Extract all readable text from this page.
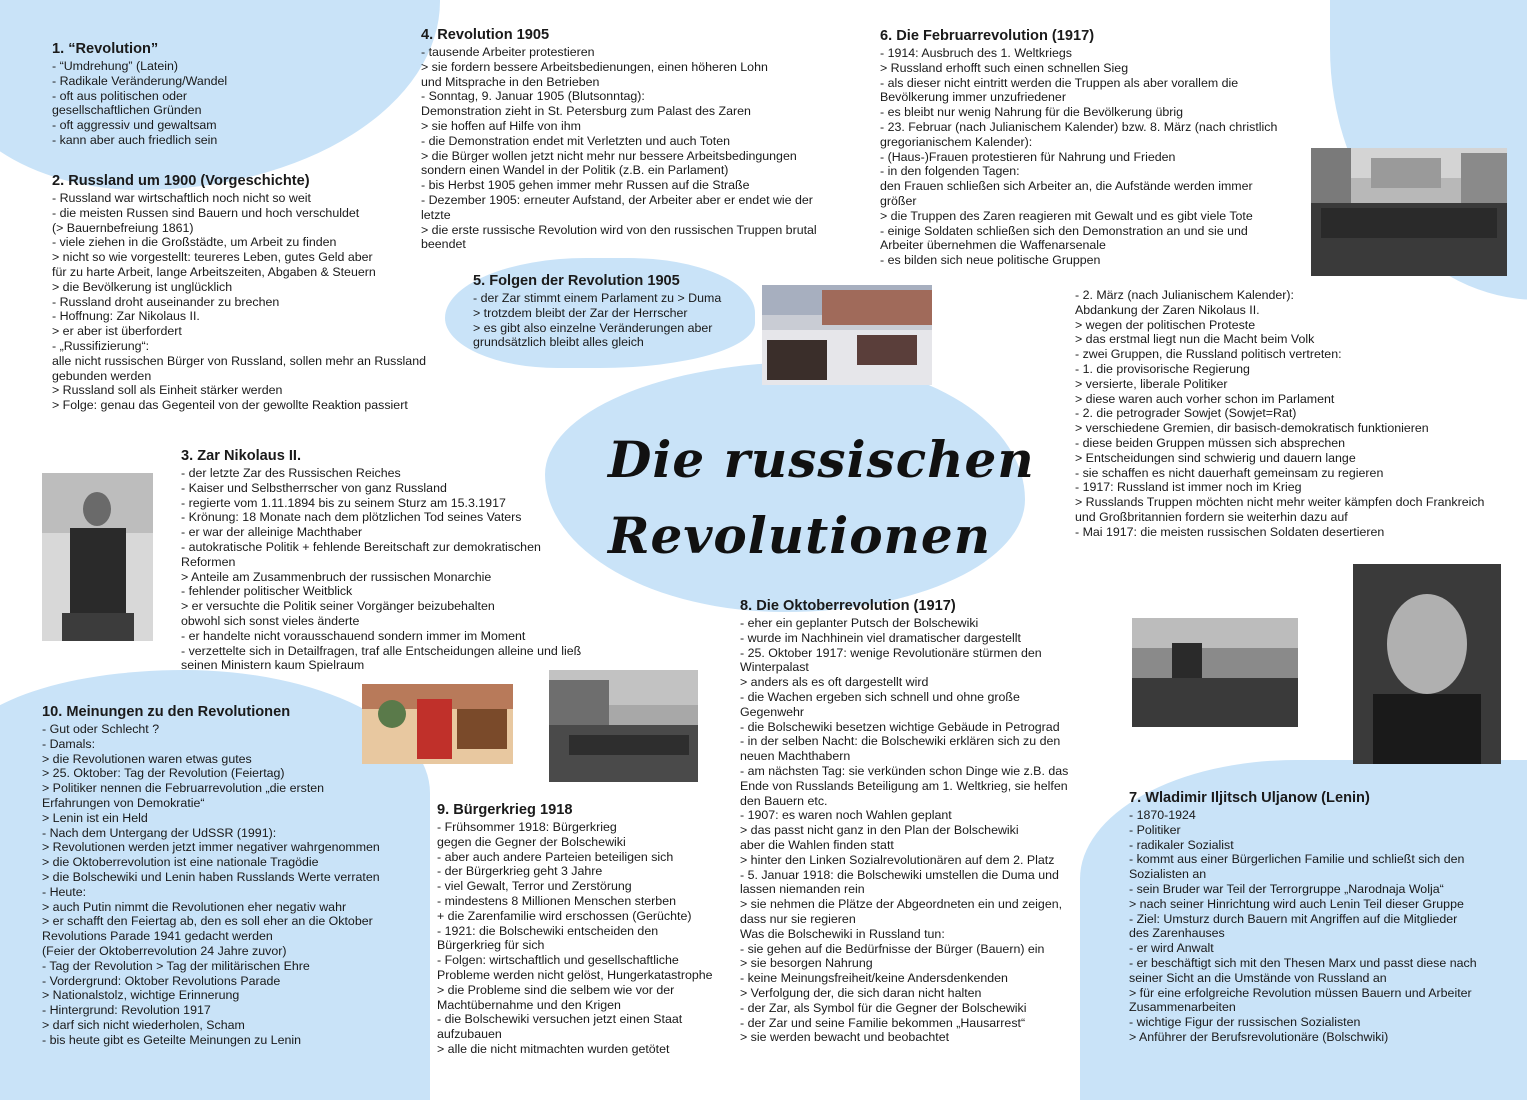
Die russischen
Revolutionen
1. “Revolution”
- “Umdrehung” (Latein)
- Radikale Veränderung/Wandel
- oft aus politischen oder
gesellschaftlichen Gründen
- oft aggressiv und gewaltsam
- kann aber auch friedlich sein
2. Russland um 1900 (Vorgeschichte)
- Russland war wirtschaftlich noch nicht so weit
- die meisten Russen sind Bauern und hoch verschuldet
(> Bauernbefreiung 1861)
- viele ziehen in die Großstädte, um Arbeit zu finden
> nicht so wie vorgestellt: teureres Leben, gutes Geld aber
für zu harte Arbeit, lange Arbeitszeiten, Abgaben & Steuern
> die Bevölkerung ist unglücklich
- Russland droht auseinander zu brechen
- Hoffnung: Zar Nikolaus II.
> er aber ist überfordert
- „Russifizierung“:
alle nicht russischen Bürger von Russland, sollen mehr an Russland
gebunden werden
> Russland soll als Einheit stärker werden
> Folge: genau das Gegenteil von der gewollte Reaktion passiert
3. Zar Nikolaus II.
- der letzte Zar des Russischen Reiches
- Kaiser und Selbstherrscher von ganz Russland
- regierte vom 1.11.1894 bis zu seinem Sturz am 15.3.1917
- Krönung: 18 Monate nach dem plötzlichen Tod seines Vaters
- er war der alleinige Machthaber
- autokratische Politik + fehlende Bereitschaft zur demokratischen
Reformen
> Anteile am Zusammenbruch der russischen Monarchie
- fehlender politischer Weitblick
> er versuchte die Politik seiner Vorgänger beizubehalten
obwohl sich sonst vieles änderte
- er handelte nicht vorausschauend sondern immer im Moment
- verzettelte sich in Detailfragen, traf alle Entscheidungen alleine und ließ
seinen Ministern kaum Spielraum
4. Revolution 1905
- tausende Arbeiter protestieren
> sie fordern bessere Arbeitsbedienungen, einen höheren Lohn
und Mitsprache in den Betrieben
- Sonntag, 9. Januar 1905 (Blutsonntag):
Demonstration zieht in St. Petersburg zum Palast des Zaren
> sie hoffen auf Hilfe von ihm
- die Demonstration endet mit Verletzten und auch Toten
> die Bürger wollen jetzt nicht mehr nur bessere Arbeitsbedingungen
sondern einen Wandel in der Politik (z.B. ein Parlament)
- bis Herbst 1905 gehen immer mehr Russen auf die Straße
- Dezember 1905: erneuter Aufstand, der Arbeiter aber er endet wie der
letzte
> die erste russische Revolution wird von den russischen Truppen brutal
beendet
5. Folgen der Revolution 1905
- der Zar stimmt einem Parlament zu > Duma
> trotzdem bleibt der Zar der Herrscher
> es gibt also einzelne Veränderungen aber
grundsätzlich bleibt alles gleich
6. Die Februarrevolution (1917)
- 1914: Ausbruch des 1. Weltkriegs
> Russland erhofft such einen schnellen Sieg
- als dieser nicht eintritt werden die Truppen als aber vorallem die
Bevölkerung immer unzufriedener
- es bleibt nur wenig Nahrung für die Bevölkerung übrig
- 23. Februar (nach Julianischem Kalender) bzw. 8. März (nach christlich
gregorianischem Kalender):
- (Haus-)Frauen protestieren für Nahrung und Frieden
- in den folgenden Tagen:
den Frauen schließen sich Arbeiter an, die Aufstände werden immer
größer
> die Truppen des Zaren reagieren mit Gewalt und es gibt viele Tote
- einige Soldaten schließen sich den Demonstration an und sie und
Arbeiter übernehmen die Waffenarsenale
- es bilden sich neue politische Gruppen
- 2. März (nach Julianischem Kalender):
Abdankung der Zaren Nikolaus II.
> wegen der politischen Proteste
> das erstmal liegt nun die Macht beim Volk
- zwei Gruppen, die Russland politisch vertreten:
- 1. die provisorische Regierung
> versierte, liberale Politiker
> diese waren auch vorher schon im Parlament
- 2. die petrograder Sowjet (Sowjet=Rat)
> verschiedene Gremien, dir basisch-demokratisch funktionieren
- diese beiden Gruppen müssen sich absprechen
> Entscheidungen sind schwierig und dauern lange
- sie schaffen es nicht dauerhaft gemeinsam zu regieren
- 1917: Russland ist immer noch im Krieg
> Russlands Truppen möchten nicht mehr weiter kämpfen doch Frankreich
und Großbritannien fordern sie weiterhin dazu auf
- Mai 1917: die meisten russischen Soldaten desertieren
7. Wladimir Iljitsch Uljanow (Lenin)
- 1870-1924
- Politiker
- radikaler Sozialist
- kommt aus einer Bürgerlichen Familie und schließt sich den
Sozialisten an
- sein Bruder war Teil der Terrorgruppe „Narodnaja Wolja“
> nach seiner Hinrichtung wird auch Lenin Teil dieser Gruppe
- Ziel: Umsturz durch Bauern mit Angriffen auf die Mitglieder
des Zarenhauses
- er wird Anwalt
- er beschäftigt sich mit den Thesen Marx und passt diese nach
seiner Sicht an die Umstände von Russland an
> für eine erfolgreiche Revolution müssen Bauern und Arbeiter
Zusammenarbeiten
- wichtige Figur der russischen Sozialisten
> Anführer der Berufsrevolutionäre (Bolschwiki)
8. Die Oktoberrevolution (1917)
- eher ein geplanter Putsch der Bolschewiki
- wurde im Nachhinein viel dramatischer dargestellt
- 25. Oktober 1917: wenige Revolutionäre stürmen den
Winterpalast
> anders als es oft dargestellt wird
- die Wachen ergeben sich schnell und ohne große
Gegenwehr
- die Bolschewiki besetzen wichtige Gebäude in Petrograd
- in der selben Nacht: die Bolschewiki erklären sich zu den
neuen Machthabern
- am nächsten Tag: sie verkünden schon Dinge wie z.B. das
Ende von Russlands Beteiligung am 1. Weltkrieg, sie helfen
den Bauern etc.
- 1907: es waren noch Wahlen geplant
> das passt nicht ganz in den Plan der Bolschewiki
aber die Wahlen finden statt
> hinter den Linken Sozialrevolutionären auf dem 2. Platz
- 5. Januar 1918: die Bolschewiki umstellen die Duma und
lassen niemanden rein
> sie nehmen die Plätze der Abgeordneten ein und zeigen,
dass nur sie regieren
Was die Bolschewiki in Russland tun:
- sie gehen auf die Bedürfnisse der Bürger (Bauern) ein
> sie besorgen Nahrung
- keine Meinungsfreiheit/keine Andersdenkenden
> Verfolgung der, die sich daran nicht halten
- der Zar, als Symbol für die Gegner der Bolschewiki
- der Zar und seine Familie bekommen „Hausarrest“
> sie werden bewacht und beobachtet
9. Bürgerkrieg 1918
- Frühsommer 1918: Bürgerkrieg
gegen die Gegner der Bolschewiki
- aber auch andere Parteien beteiligen sich
- der Bürgerkrieg geht 3 Jahre
- viel Gewalt, Terror und Zerstörung
- mindestens 8 Millionen Menschen sterben
+ die Zarenfamilie wird erschossen (Gerüchte)
- 1921: die Bolschewiki entscheiden den
Bürgerkrieg für sich
- Folgen: wirtschaftlich und gesellschaftliche
Probleme werden nicht gelöst, Hungerkatastrophe
> die Probleme sind die selbem wie vor der
Machtübernahme und den Krigen
- die Bolschewiki versuchen jetzt einen Staat
aufzubauen
> alle die nicht mitmachten wurden getötet
10. Meinungen zu den Revolutionen
- Gut oder Schlecht ?
- Damals:
> die Revolutionen waren etwas gutes
> 25. Oktober: Tag der Revolution (Feiertag)
> Politiker nennen die Februarrevolution „die ersten
Erfahrungen von Demokratie“
> Lenin ist ein Held
- Nach dem Untergang der UdSSR (1991):
> Revolutionen werden jetzt immer negativer wahrgenommen
> die Oktoberrevolution ist eine nationale Tragödie
> die Bolschewiki und Lenin haben Russlands Werte verraten
- Heute:
> auch Putin nimmt die Revolutionen eher negativ wahr
> er schafft den Feiertag ab, den es soll eher an die Oktober
Revolutions Parade 1941 gedacht werden
(Feier der Oktoberrevolution 24 Jahre zuvor)
- Tag der Revolution > Tag der militärischen Ehre
- Vordergrund: Oktober Revolutions Parade
> Nationalstolz, wichtige Erinnerung
- Hintergrund: Revolution 1917
> darf sich nicht wiederholen, Scham
- bis heute gibt es Geteilte Meinungen zu Lenin
